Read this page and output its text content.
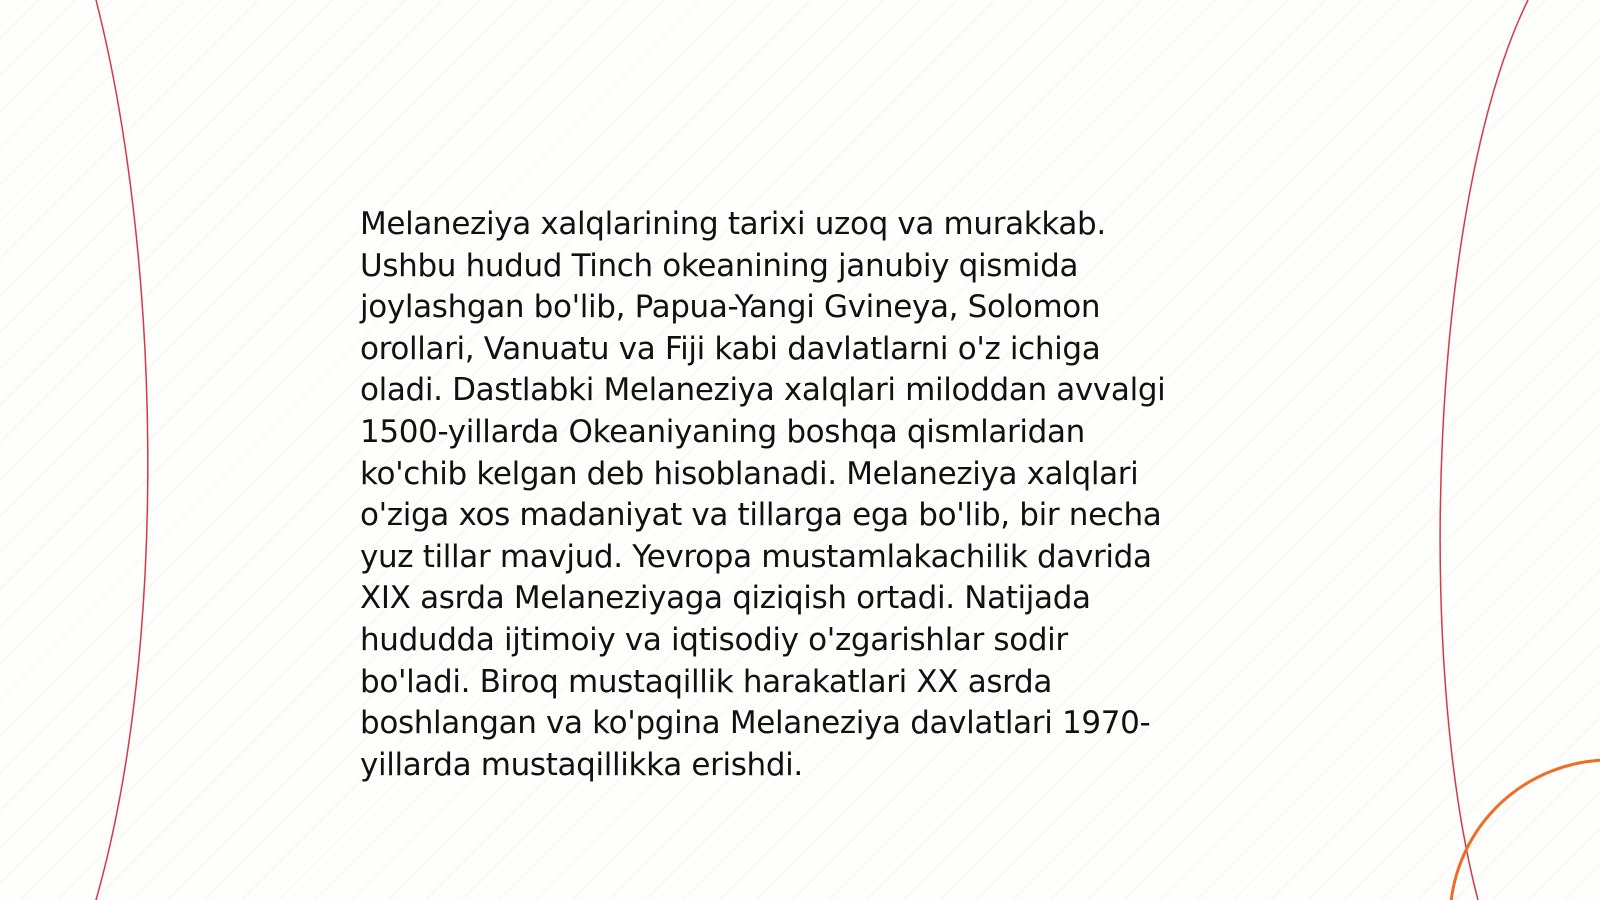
Melaneziya xalqlarining tarixi uzoq va murakkab.
Ushbu hudud Tinch okeanining janubiy qismida
joylashgan bo'lib, Papua-Yangi Gvineya, Solomon
orollari, Vanuatu va Fiji kabi davlatlarni o'z ichiga
oladi. Dastlabki Melaneziya xalqlari miloddan avvalgi
1500-yillarda Okeaniyaning boshqa qismlaridan
ko'chib kelgan deb hisoblanadi. Melaneziya xalqlari
o'ziga xos madaniyat va tillarga ega bo'lib, bir necha
yuz tillar mavjud. Yevropa mustamlakachilik davrida
XIX asrda Melaneziyaga qiziqish ortadi. Natijada
hududda ijtimoiy va iqtisodiy o'zgarishlar sodir
bo'ladi. Biroq mustaqillik harakatlari XX asrda
boshlangan va ko'pgina Melaneziya davlatlari 1970-
yillarda mustaqillikka erishdi.
